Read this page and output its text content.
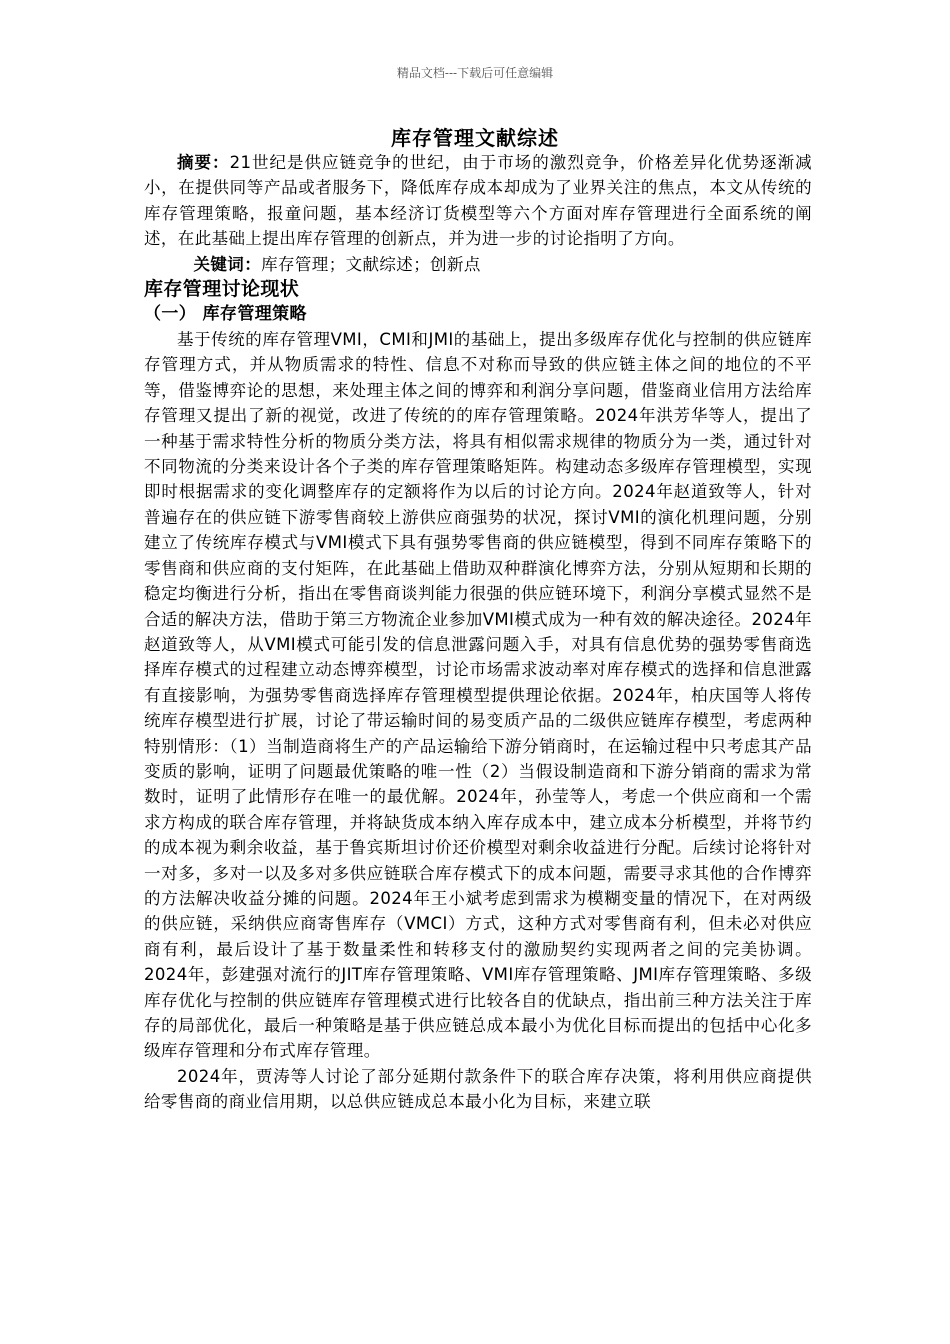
精品文档---下载后可任意编辑
库存管理文献综述

摘要：21世纪是供应链竞争的世纪，由于市场的激烈竞争，价格差异化优势逐渐减小，在提供同等产品或者服务下，降低库存成本却成为了业界关注的焦点，本文从传统的库存管理策略，报童问题，基本经济订货模型等六个方面对库存管理进行全面系统的阐述，在此基础上提出库存管理的创新点，并为进一步的讨论指明了方向。

关键词：库存管理；文献综述；创新点

库存管理讨论现状
（一） 库存管理策略

基于传统的库存管理VMI，CMI和JMI的基础上，提出多级库存优化与控制的供应链库存管理方式，并从物质需求的特性、信息不对称而导致的供应链主体之间的地位的不平等，借鉴博弈论的思想，来处理主体之间的博弈和利润分享问题，借鉴商业信用方法给库存管理又提出了新的视觉，改进了传统的的库存管理策略。2024年洪芳华等人，提出了一种基于需求特性分析的物质分类方法，将具有相似需求规律的物质分为一类，通过针对不同物流的分类来设计各个子类的库存管理策略矩阵。构建动态多级库存管理模型，实现即时根据需求的变化调整库存的定额将作为以后的讨论方向。2024年赵道致等人，针对普遍存在的供应链下游零售商较上游供应商强势的状况，探讨VMI的演化机理问题，分别建立了传统库存模式与VMI模式下具有强势零售商的供应链模型，得到不同库存策略下的零售商和供应商的支付矩阵，在此基础上借助双种群演化博弈方法，分别从短期和长期的稳定均衡进行分析，指出在零售商谈判能力很强的供应链环境下，利润分享模式显然不是合适的解决方法，借助于第三方物流企业参加VMI模式成为一种有效的解决途径。2024年赵道致等人，从VMI模式可能引发的信息泄露问题入手，对具有信息优势的强势零售商选择库存模式的过程建立动态博弈模型，讨论市场需求波动率对库存模式的选择和信息泄露有直接影响，为强势零售商选择库存管理模型提供理论依据。2024年，柏庆国等人将传统库存模型进行扩展，讨论了带运输时间的易变质产品的二级供应链库存模型，考虑两种特别情形：（1）当制造商将生产的产品运输给下游分销商时，在运输过程中只考虑其产品变质的影响，证明了问题最优策略的唯一性（2）当假设制造商和下游分销商的需求为常数时，证明了此情形存在唯一的最优解。2024年，孙莹等人，考虑一个供应商和一个需求方构成的联合库存管理，并将缺货成本纳入库存成本中，建立成本分析模型，并将节约的成本视为剩余收益，基于鲁宾斯坦讨价还价模型对剩余收益进行分配。后续讨论将针对一对多，多对一以及多对多供应链联合库存模式下的成本问题，需要寻求其他的合作博弈的方法解决收益分摊的问题。2024年王小斌考虑到需求为模糊变量的情况下，在对两级的供应链，采纳供应商寄售库存（VMCI）方式，这种方式对零售商有利，但未必对供应商有利，最后设计了基于数量柔性和转移支付的激励契约实现两者之间的完美协调。2024年，彭建强对流行的JIT库存管理策略、VMI库存管理策略、JMI库存管理策略、多级库存优化与控制的供应链库存管理模式进行比较各自的优缺点，指出前三种方法关注于库存的局部优化，最后一种策略是基于供应链总成本最小为优化目标而提出的包括中心化多级库存管理和分布式库存管理。

2024年，贾涛等人讨论了部分延期付款条件下的联合库存决策，将利用供应商提供给零售商的商业信用期，以总供应链成总本最小化为目标，来建立联
